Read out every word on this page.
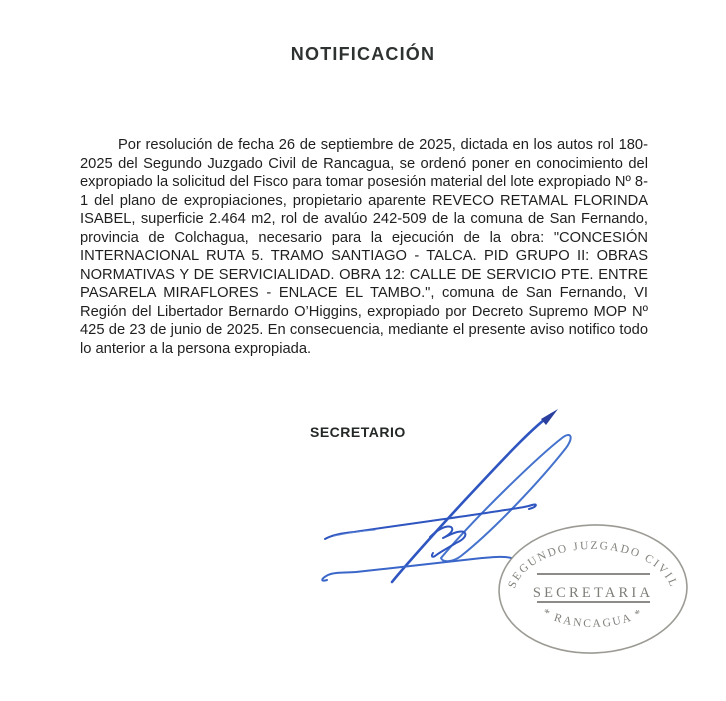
NOTIFICACIÓN

Por resolución de fecha 26 de septiembre de 2025, dictada en los autos rol 180-2025 del Segundo Juzgado Civil de Rancagua, se ordenó poner en conocimiento del expropiado la solicitud del Fisco para tomar posesión material del lote expropiado Nº 8-1 del plano de expropiaciones, propietario aparente REVECO RETAMAL FLORINDA ISABEL, superficie 2.464 m2, rol de avalúo 242-509 de la comuna de San Fernando, provincia de Colchagua, necesario para la ejecución de la obra: "CONCESIÓN INTERNACIONAL RUTA 5. TRAMO SANTIAGO - TALCA. PID GRUPO II: OBRAS NORMATIVAS Y DE SERVICIALIDAD. OBRA 12: CALLE DE SERVICIO PTE. ENTRE PASARELA MIRAFLORES - ENLACE EL TAMBO.", comuna de San Fernando, VI Región del Libertador Bernardo O’Higgins, expropiado por Decreto Supremo MOP Nº 425 de 23 de junio de 2025. En consecuencia, mediante el presente aviso notifico todo lo anterior a la persona expropiada.

SECRETARIO
SEGUNDO JUZGADO CIVIL
SECRETARIA
* RANCAGUA *
